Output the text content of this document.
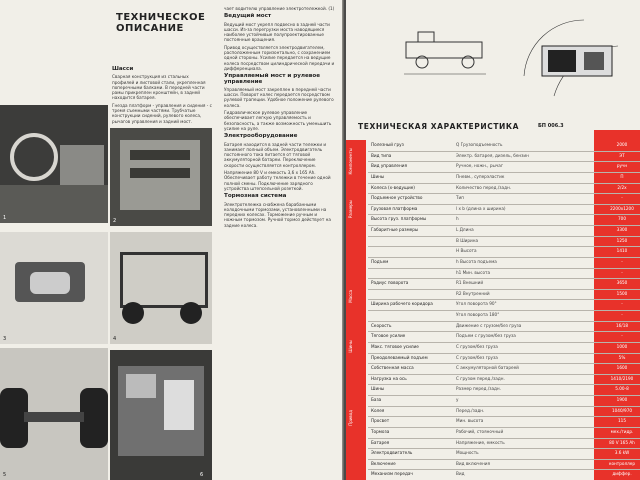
1	2
3	4
5	6
ТЕХНИЧЕСКОЕ
ОПИСАНИЕ
Шасси

Сварная конструкция из стальных профилей и листовой стали, укрепленная поперечными балками. В передней части рамы прикреплен кронштейн, в задней находится батарея.

Гнезда платформ - управления и сидения - с тремя съемными частями. Трубчатые конструкции сидений, рулевого колеса, рычагов управления и задний мост.

чает водителю управление электротележкой. (1)

Ведущий мост

Ведущий мост укрепл подвесно в задней части шасси. Из-за перегрузки моста наводящиеся наиболее устойчивые полупроектированные постоянные вращения.

Привод осуществляется электродвигателем, расположенным горизонтально, с сохранением одной стороны. Усилие передается на ведущие колеса посредством цилиндрической передачи и дифференциала.

Управляемый мост и рулевое управление

Управляемый мост закреплен в передней части шасси. Поворот колес передается посредством рулевой трапеции. Удобное положение рулевого колеса.

Гидравлическое рулевое управление обеспечивает легкую управляемость и безопасность, а также возможность уменьшить усилие на руле.

Электрооборудование

Батарея находится в задней части тележки и занимает полный объем. Электродвигатель постоянного тока питается от тяговой аккумуляторной батареи. Переключение скорости осуществляется контроллером.

Напряжение 80 V и емкость 3,6 x 165 Ah. Обеспечивает работу тележки в течение одной полной смены. Подключение зарядного устройства штепсельной розеткой.

Тормозная система

Электротележка снабжена барабанными колодочными тормозами, установленными на передних колесах. Торможение ручным и ножным тормозом. Ручной тормоз действует на задние колеса.

ТЕХНИЧЕСКАЯ ХАРАКТЕРИСТИКА	БП 006.3
Компоненты
Размеры
Масса
Шины
Привод
Полезный груз	Q Грузоподъемность	2000
Вид типа	Электр. батарея, дизель, бензин	ЭТ
Вид управления	Ручное, ножн., рычаг	ручн
Шины	Пневм., суперэластик	П
Колеса (х-ведущие)	Количество перед./задн.	2/2x
Подъемное устройство	Тип	-
Грузовая платформа	l x b (длина x ширина)	2200x1200
Высота груз. платформы	h	700
Габаритные размеры	L Длина	3300
B Ширина	1250
H Высота	1410
Подъем	h Высота подъема	-
h1 Мин. высота	-
Радиус поворота	R1 Внешний	3650
R2 Внутренний	1500
Ширина рабочего коридора	Угол поворота 90°	-
Угол поворота 180°	-
Скорость	Движение с грузом/без груза	16/18
Тяговое усилие	Подъем с грузом/без груза	-
Макс. тяговое усилие	С грузом/без груза	1000
Преодолеваемый подъем	С грузом/без груза	5%
Собственная масса	С аккумуляторной батареей	1600
Нагрузка на ось	С грузом перед./задн.	1410/2190
Шины	Размер перед./задн.	5.00-8
База	y	1900
Колея	Перед./задн.	1040/970
Просвет	Мин. высота	115
Тормоза	Рабочий, стояночный	мех./гидр.
Батарея	Напряжение, емкость	80 V 165 Ah
Электродвигатель	Мощность	3.6 kW
Включение	Вид включения	контроллер
Механизм передач	Вид	диффер.
